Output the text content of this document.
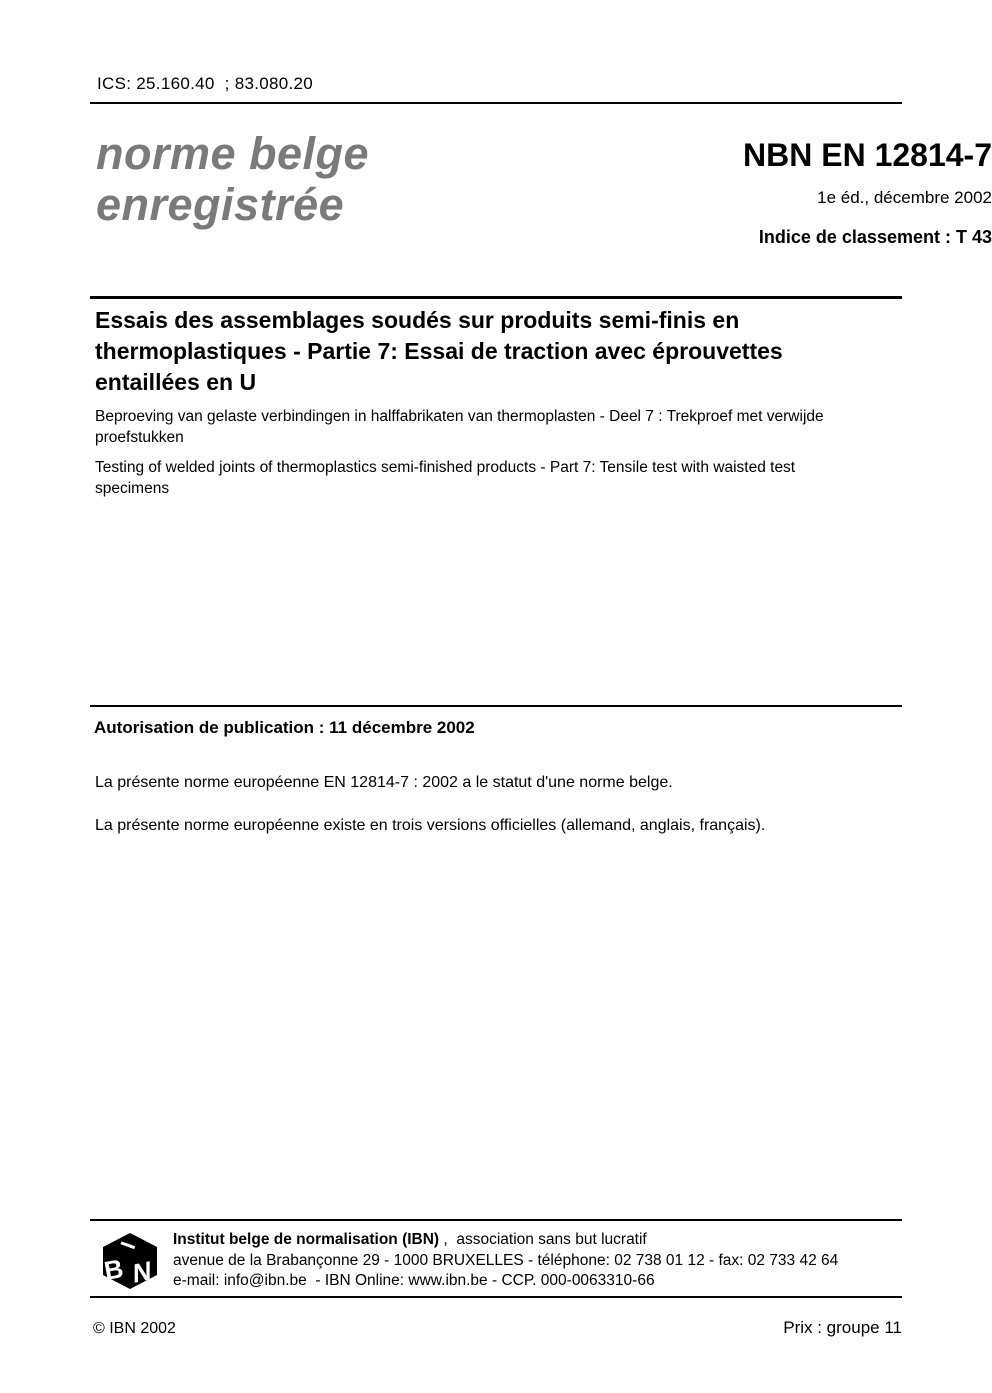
ICS: 25.160.40  ; 83.080.20
norme belge
enregistrée
NBN EN 12814-7
1e éd., décembre 2002
Indice de classement : T 43
Essais des assemblages soudés sur produits semi-finis en
thermoplastiques - Partie 7: Essai de traction avec éprouvettes
entaillées en U
Beproeving van gelaste verbindingen in halffabrikaten van thermoplasten - Deel 7 : Trekproef met verwijde
proefstukken
Testing of welded joints of thermoplastics semi-finished products - Part 7: Tensile test with waisted test
specimens
Autorisation de publication : 11 décembre 2002
La présente norme européenne EN 12814-7 : 2002 a le statut d'une norme belge.
La présente norme européenne existe en trois versions officielles (allemand, anglais, français).
I
B N
Institut belge de normalisation (IBN) ,  association sans but lucratif
avenue de la Brabançonne 29 - 1000 BRUXELLES - téléphone: 02 738 01 12 - fax: 02 733 42 64
e-mail: info@ibn.be  - IBN Online: www.ibn.be - CCP. 000-0063310-66
© IBN 2002	Prix : groupe 11
